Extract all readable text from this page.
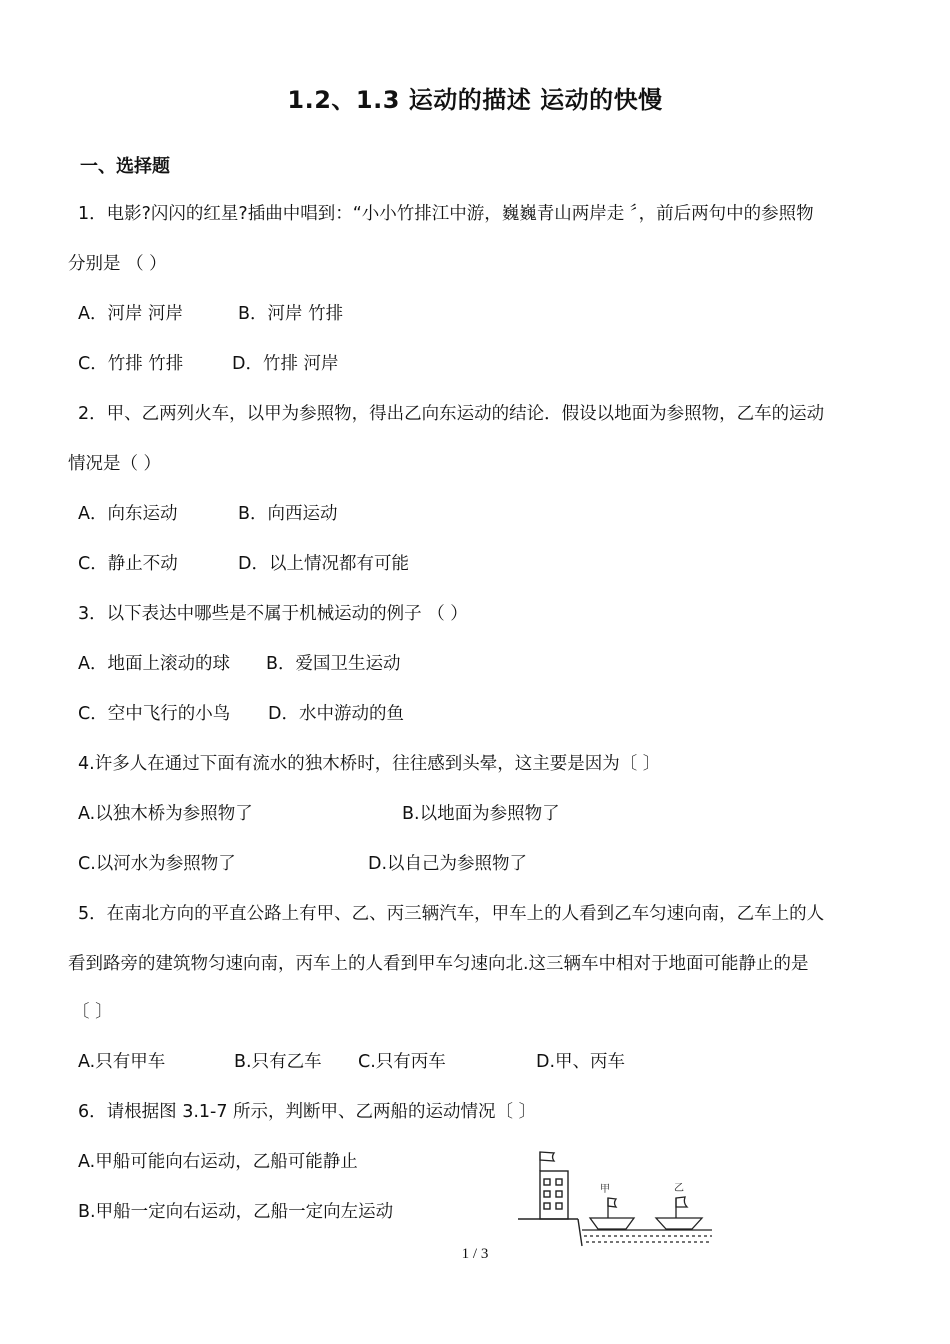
1.2、1.3 运动的描述 运动的快慢
一、选择题
1．电影?闪闪的红星?插曲中唱到：“小小竹排江中游，巍巍青山两岸走 〞，前后两句中的参照物
分别是 （ ）
A．河岸 河岸	B．河岸 竹排
C．竹排 竹排	D．竹排 河岸
2．甲、乙两列火车，以甲为参照物，得出乙向东运动的结论．假设以地面为参照物，乙车的运动
情况是（ ）
A．向东运动	B．向西运动
C．静止不动	D．以上情况都有可能
3．以下表达中哪些是不属于机械运动的例子 （ ）
A．地面上滚动的球 B．爱国卫生运动
C．空中飞行的小鸟 D．水中游动的鱼
4.许多人在通过下面有流水的独木桥时，往往感到头晕，这主要是因为〔 〕
A.以独木桥为参照物了	B.以地面为参照物了
C.以河水为参照物了	D.以自己为参照物了
5．在南北方向的平直公路上有甲、乙、丙三辆汽车，甲车上的人看到乙车匀速向南，乙车上的人
看到路旁的建筑物匀速向南，丙车上的人看到甲车匀速向北.这三辆车中相对于地面可能静止的是
〔 〕
A.只有甲车	B.只有乙车 C.只有丙车	D.甲、丙车
6．请根据图 3.1-7 所示，判断甲、乙两船的运动情况〔 〕
A.甲船可能向右运动，乙船可能静止
B.甲船一定向右运动，乙船一定向左运动
甲	乙
1 / 3
